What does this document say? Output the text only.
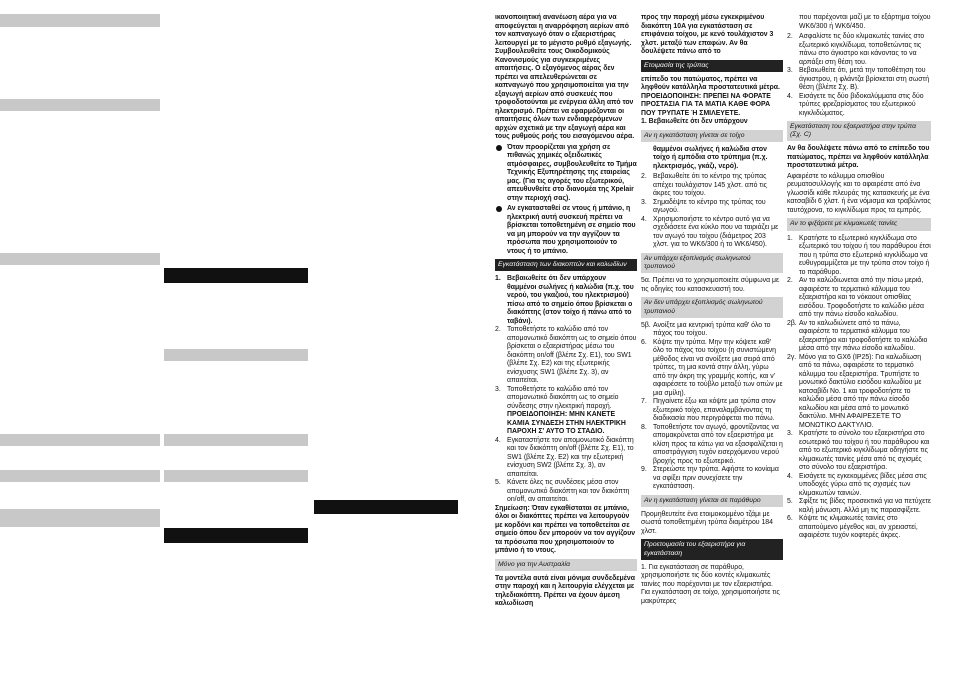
ικανοποιητική ανανέωση αέρα για να αποφεύγεται η αναρρόφηση αερίων από τον καπναγωγό όταν ο εξαεριστήρας λειτουργεί με το μέγιστο ρυθμό εξαγωγής. Συμβουλευθείτε τους Οικοδομικούς Κανονισμούς για συγκεκριμένες απαιτήσεις. Ο εξαγόμενος αέρας δεν πρέπει να απελευθερώνεται σε καπναγωγό που χρησιμοποιείται για την εξαγωγή αερίων από συσκευές που τροφοδοτούνται με ενέργεια άλλη από τον ηλεκτρισμό. Πρέπει να εφαρμόζονται οι απαιτήσεις όλων των ενδιαφερόμενων αρχών σχετικά με την εξαγωγή αέρα και τους ρυθμούς ροής του εισαγόμενου αέρα.

Όταν προορίζεται για χρήση σε πιθανώς χημικές οξειδωτικές ατμόσφαιρες, συμβουλευθείτε το Τμήμα Τεχνικής Εξυπηρέτησης της εταιρείας μας. (Για τις αγορές του εξωτερικού, απευθυνθείτε στο διανομέα της Xpelair στην περιοχή σας).
Αν εγκατασταθεί σε ντους ή μπάνιο, η ηλεκτρική αυτή συσκευή πρέπει να βρίσκεται τοποθετημένη σε σημείο που να μη μπορούν να την αγγίζουν τα πρόσωπα που χρησιμοποιούν το ντους ή το μπάνιο.
Εγκατάσταση των διακοπτών και καλωδίων
1. Βεβαιωθείτε ότι δεν υπάρχουν θαμμένοι σωλήνες ή καλώδια (π.χ. του νερού, του γκαζιού, του ηλεκτρισμού) πίσω από το σημείο όπου βρίσκεται ο διακόπτης (στον τοίχο ή πάνω από το ταβάνι).
2. Τοποθετήστε το καλώδιο από τον απομονωτικό διακόπτη ως το σημείο όπου βρίσκεται ο εξαεριστήρας μέσω του διακόπτη on/off (βλέπε Σχ. E1), του SW1 (βλέπε Σχ. E2) και της εξωτερικής ενίσχυσης SW1 (βλέπε Σχ. 3), αν απαιτείται.
3. Τοποθετήστε το καλώδιο από τον απομονωτικό διακόπτη ως το σημείο σύνδεσης στην ηλεκτρική παροχή.
ΠΡΟΕΙΔΟΠΟΙΗΣΗ: ΜΗΝ ΚΑΝΕΤΕ ΚΑΜΙΑ ΣΥΝΔΕΣΗ ΣΤΗΝ ΗΛΕΚΤΡΙΚΗ ΠΑΡΟΧΗ Σ' ΑΥΤΟ ΤΟ ΣΤΑΔΙΟ.
4. Εγκαταστήστε τον απομονωτικό διακόπτη και τον διακόπτη on/off (βλέπε Σχ. E1), το SW1 (βλέπε Σχ. E2) και την εξωτερική ενίσχυση SW2 (βλέπε Σχ. 3), αν απαιτείται.
5. Κάνετε όλες τις συνδέσεις μέσα στον απομονωτικό διακόπτη και τον διακόπτη on/off, αν απαιτείται.

Σημείωση: Όταν εγκαθίσταται σε μπάνιο, όλοι οι διακόπτες πρέπει να λειτουργούν με κορδόνι και πρέπει να τοποθετείται σε σημείο όπου δεν μπορούν να τον αγγίζουν τα πρόσωπα που χρησιμοποιούν το μπάνιο ή το ντους.

Μόνο για την Αυστραλία

Τα μοντέλα αυτά είναι μόνιμα συνδεδεμένα στην παροχή και η λειτουργία ελέγχεται με τηλεδιακόπτη. Πρέπει να έχουν άμεση καλωδίωση

προς την παροχή μέσω εγκεκριμένου διακόπτη 10A για εγκατάσταση σε επιφάνεια τοίχου, με κενό τουλάχιστον 3 χλστ. μεταξύ των επαφών. Αν θα δουλέψετε πάνω από το

Ετοιμασία της τρύπας

επίπεδο του πατώματος, πρέπει να ληφθούν κατάλληλα προστατευτικά μέτρα. ΠΡΟΕΙΔΟΠΟΙΗΣΗ: ΠΡΕΠΕΙ ΝΑ ΦΟΡΑΤΕ ΠΡΟΣΤΑΣΙΑ ΓΙΑ ΤΑ ΜΑΤΙΑ ΚΑΘΕ ΦΟΡΑ ΠΟΥ ΤΡΥΠΑΤΕ Ή ΣΜΙΛΕΥΕΤΕ.
1. Βεβαιωθείτε ότι δεν υπάρχουν

Αν η εγκατάσταση γίνεται σε τοίχο

θαμμένοι σωλήνες ή καλώδια στον τοίχο ή εμπόδια στο τρύπημα (π.χ. ηλεκτρισμός, γκάζι, νερό).

2. Βεβαιωθείτε ότι το κέντρο της τρύπας απέχει τουλάχιστον 145 χλστ. από τις άκρες του τοίχου.
3. Σημαδέψτε το κέντρο της τρύπας του αγωγού.
4. Χρησιμοποιήστε το κέντρο αυτό για να σχεδιάσετε ένα κύκλο που να ταιριάζει με τον αγωγό του τοίχου (διάμετρος 203 χλστ. για το WK6/300 ή το WK6/450).
Αν υπάρχει εξοπλισμός σωληνωτού τρυπανιού

5α. Πρέπει να το χρησιμοποιείτε σύμφωνα με τις οδηγίες του κατασκευαστή του.

Αν δεν υπάρχει εξοπλισμός σωληνωτού τρυπανιού
5β. Ανοίξτε μια κεντρική τρύπα καθ' όλο το πάχος του τοίχου.
6. Κόψτε την τρύπα. Μην την κόψετε καθ' όλο το πάχος του τοίχου (η συνιστώμενη μέθοδος είναι να ανοίξετε μια σειρά από τρύπες, τη μια κοντά στην άλλη, γύρω από την άκρη της γραμμής κοπής, και ν' αφαιρέσετε το τούβλο μεταξύ των οπών με μια σμίλη).
7. Πηγαίνετε έξω και κόψτε μια τρύπα στον εξωτερικό τοίχο, επαναλαμβάνοντας τη διαδικασία που περιγράφεται πιο πάνω.
8. Τοποθετήστε τον αγωγό, φροντίζοντας να απομακρύνεται από τον εξαεριστήρα με κλίση προς τα κάτω για να εξασφαλίζεται η αποστράγγιση τυχόν εισερχόμενου νερού βροχής προς το εξωτερικό.
9. Στερεώστε την τρύπα. Αφήστε το κονίαμα να σφίξει πριν συνεχίσετε την εγκατάσταση.
Αν η εγκατάσταση γίνεται σε παράθυρο

Προμηθευτείτε ένα ετοιμοκομμένο τζάμι με σωστά τοποθετημένη τρύπα διαμέτρου 184 χλστ.

Προετοιμασία του εξαεριστήρα για εγκατάσταση

1. Για εγκατάσταση σε παράθυρο, χρησιμοποιήστε τις δύο κοντές κλιμακωτές ταινίες που παρέχονται με τον εξαεριστήρα. Για εγκατάσταση σε τοίχο, χρησιμοποιήστε τις μακρύτερες

που παρέχονται μαζί με το εξάρτημα τοίχου WK6/300 ή WK6/450.

2. Ασφαλίστε τις δύο κλιμακωτές ταινίες στο εξωτερικό κιγκλίδωμα, τοποθετώντας τις πάνω στο άγκιστρο και κάνοντας το να αρπάξει στη θέση του.
3. Βεβαιωθείτε ότι, μετά την τοποθέτηση του άγκιστρου, η φλάντζα βρίσκεται στη σωστή θέση (βλέπε Σχ. B).
4. Εισάγετε τις δύο βιδοκαλύμματα στις δύο τρύπες φρεζαρίσματος του εξωτερικού κιγκλιδώματος.
Εγκατάσταση του εξαεριστήρα στην τρύπα (Σχ. C)

Αν θα δουλέψετε πάνω από το επίπεδο του πατώματος, πρέπει να ληφθούν κατάλληλα προστατευτικά μέτρα.

Αφαιρέστε το κάλυμμα οπισθίου ρευματοσυλλογής και το αφαιρέστε από ένα γλωσσίδι κάθε πλευράς της κατασκευής με ένα κατσαβίδι 6 χλστ. ή ένα νόμισμα και τραβώντας ταυτόχρονα, το κιγκλίδωμα προς τα εμπρός.

Αν το φιξάρετε με κλιμακωτές ταινίες
1. Κρατήστε το εξωτερικό κιγκλίδωμα στο εξωτερικό του τοίχου ή του παράθυρου έτσι που η τρύπα στο εξωτερικό κιγκλίδωμα να ευθυγραμμίζεται με την τρύπα στον τοίχο ή το παράθυρο.
2. Αν το καλώδιωνεται από την πίσω μεριά, αφαιρέστε το τερματικό κάλυμμα του εξαεριστήρα και το νόκαουτ οπισθίας εισόδου. Τροφοδοτήστε το καλώδιο μέσα από την πάνω είσοδο καλωδίου.
2β. Αν το καλωδιώνετε από τα πάνω, αφαιρέστε το τερματικό κάλυμμα του εξαεριστήρα και τροφοδοτήστε το καλώδιο μέσα από την πάνω είσοδο καλωδίου.
2γ. Μόνο για το GX6 (IP25): Για καλωδίωση από τα πάνω, αφαιρέστε το τερματικό κάλυμμα του εξαεριστήρα. Τρυπήστε το μονωτικό δακτύλιο εισόδου καλωδίου με κατσαβίδι No. 1 και τροφοδοτήστε το καλώδιο μέσα από την πάνω είσοδο καλωδίου και μέσα από το μονωτικό δακτύλιο. ΜΗΝ ΑΦΑΙΡΕΣΕΤΕ ΤΟ ΜΟΝΩΤΙΚΟ ΔΑΚΤΥΛΙΟ.
3. Κρατήστε το σύνολο του εξαεριστήρα στο εσωτερικό του τοίχου ή του παράθυρου και από το εξωτερικό κιγκλίδωμα οδηγήστε τις κλιμακωτές ταινίες μέσα από τις σχισμές στο σύνολο του εξαεριστήρα.
4. Εισάγετε τις εγκεκομμένες βίδες μέσα στις υποδοχές γύρω από τις σχισμές των κλιμακωτών ταινιών.
5. Σφίξτε τις βίδες προσεκτικά για να πετύχετε καλή μόνωση. Αλλά μη τις παρασφίξετε.
6. Κόψτε τις κλιμακωτές ταινίες στο απαιτούμενο μέγεθος και, αν χρειαστεί, αφαιρέστε τυχόν κοφτερές άκρες.
